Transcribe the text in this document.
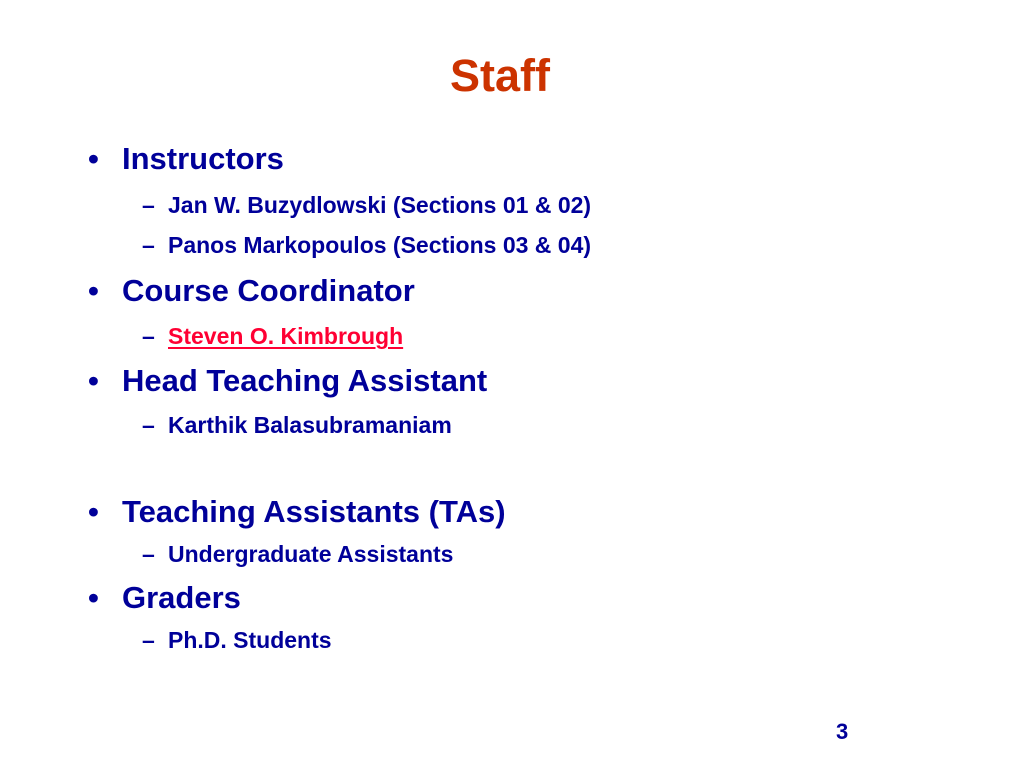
Staff
• Instructors
– Jan W. Buzydlowski (Sections 01 & 02)
– Panos Markopoulos (Sections 03 & 04)
• Course Coordinator
– Steven O. Kimbrough
• Head Teaching Assistant
– Karthik Balasubramaniam
• Teaching Assistants (TAs)
– Undergraduate Assistants
• Graders
– Ph.D. Students
3
